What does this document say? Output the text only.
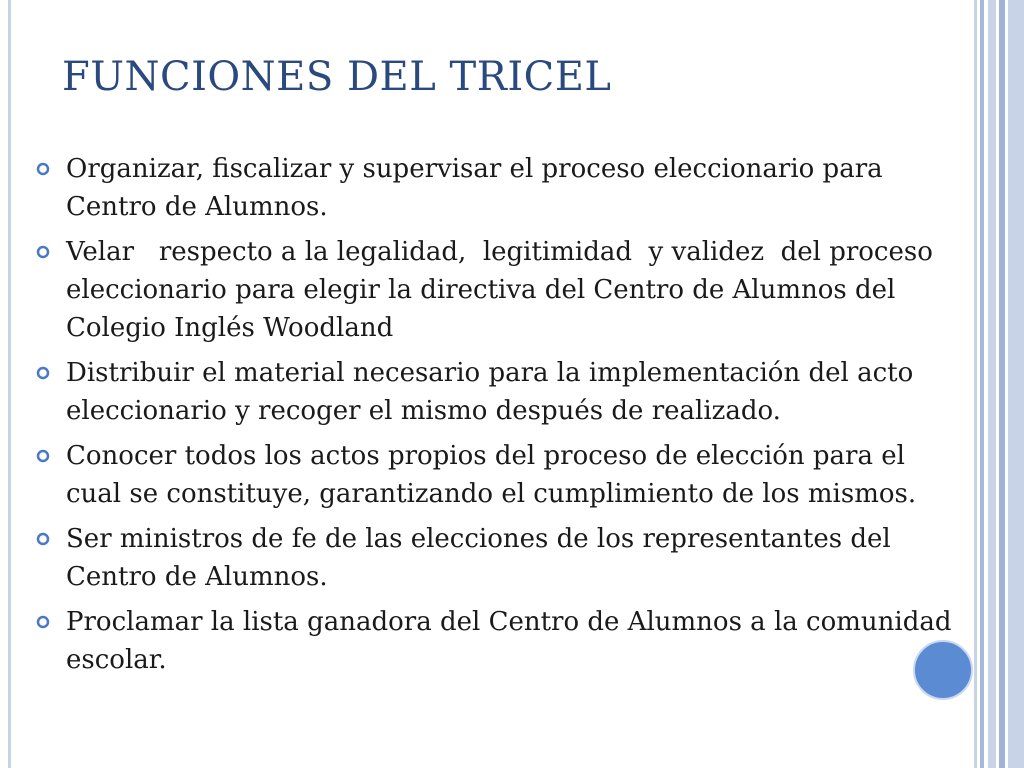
FUNCIONES DEL TRICEL
Organizar, fiscalizar y supervisar el proceso eleccionario para Centro de Alumnos.
Velar   respecto a la legalidad,  legitimidad  y validez  del proceso eleccionario para elegir la directiva del Centro de Alumnos del Colegio Inglés Woodland
Distribuir el material necesario para la implementación del acto eleccionario y recoger el mismo después de realizado.
Conocer todos los actos propios del proceso de elección para el cual se constituye, garantizando el cumplimiento de los mismos.
Ser ministros de fe de las elecciones de los representantes del Centro de Alumnos.
Proclamar la lista ganadora del Centro de Alumnos a la comunidad escolar.
